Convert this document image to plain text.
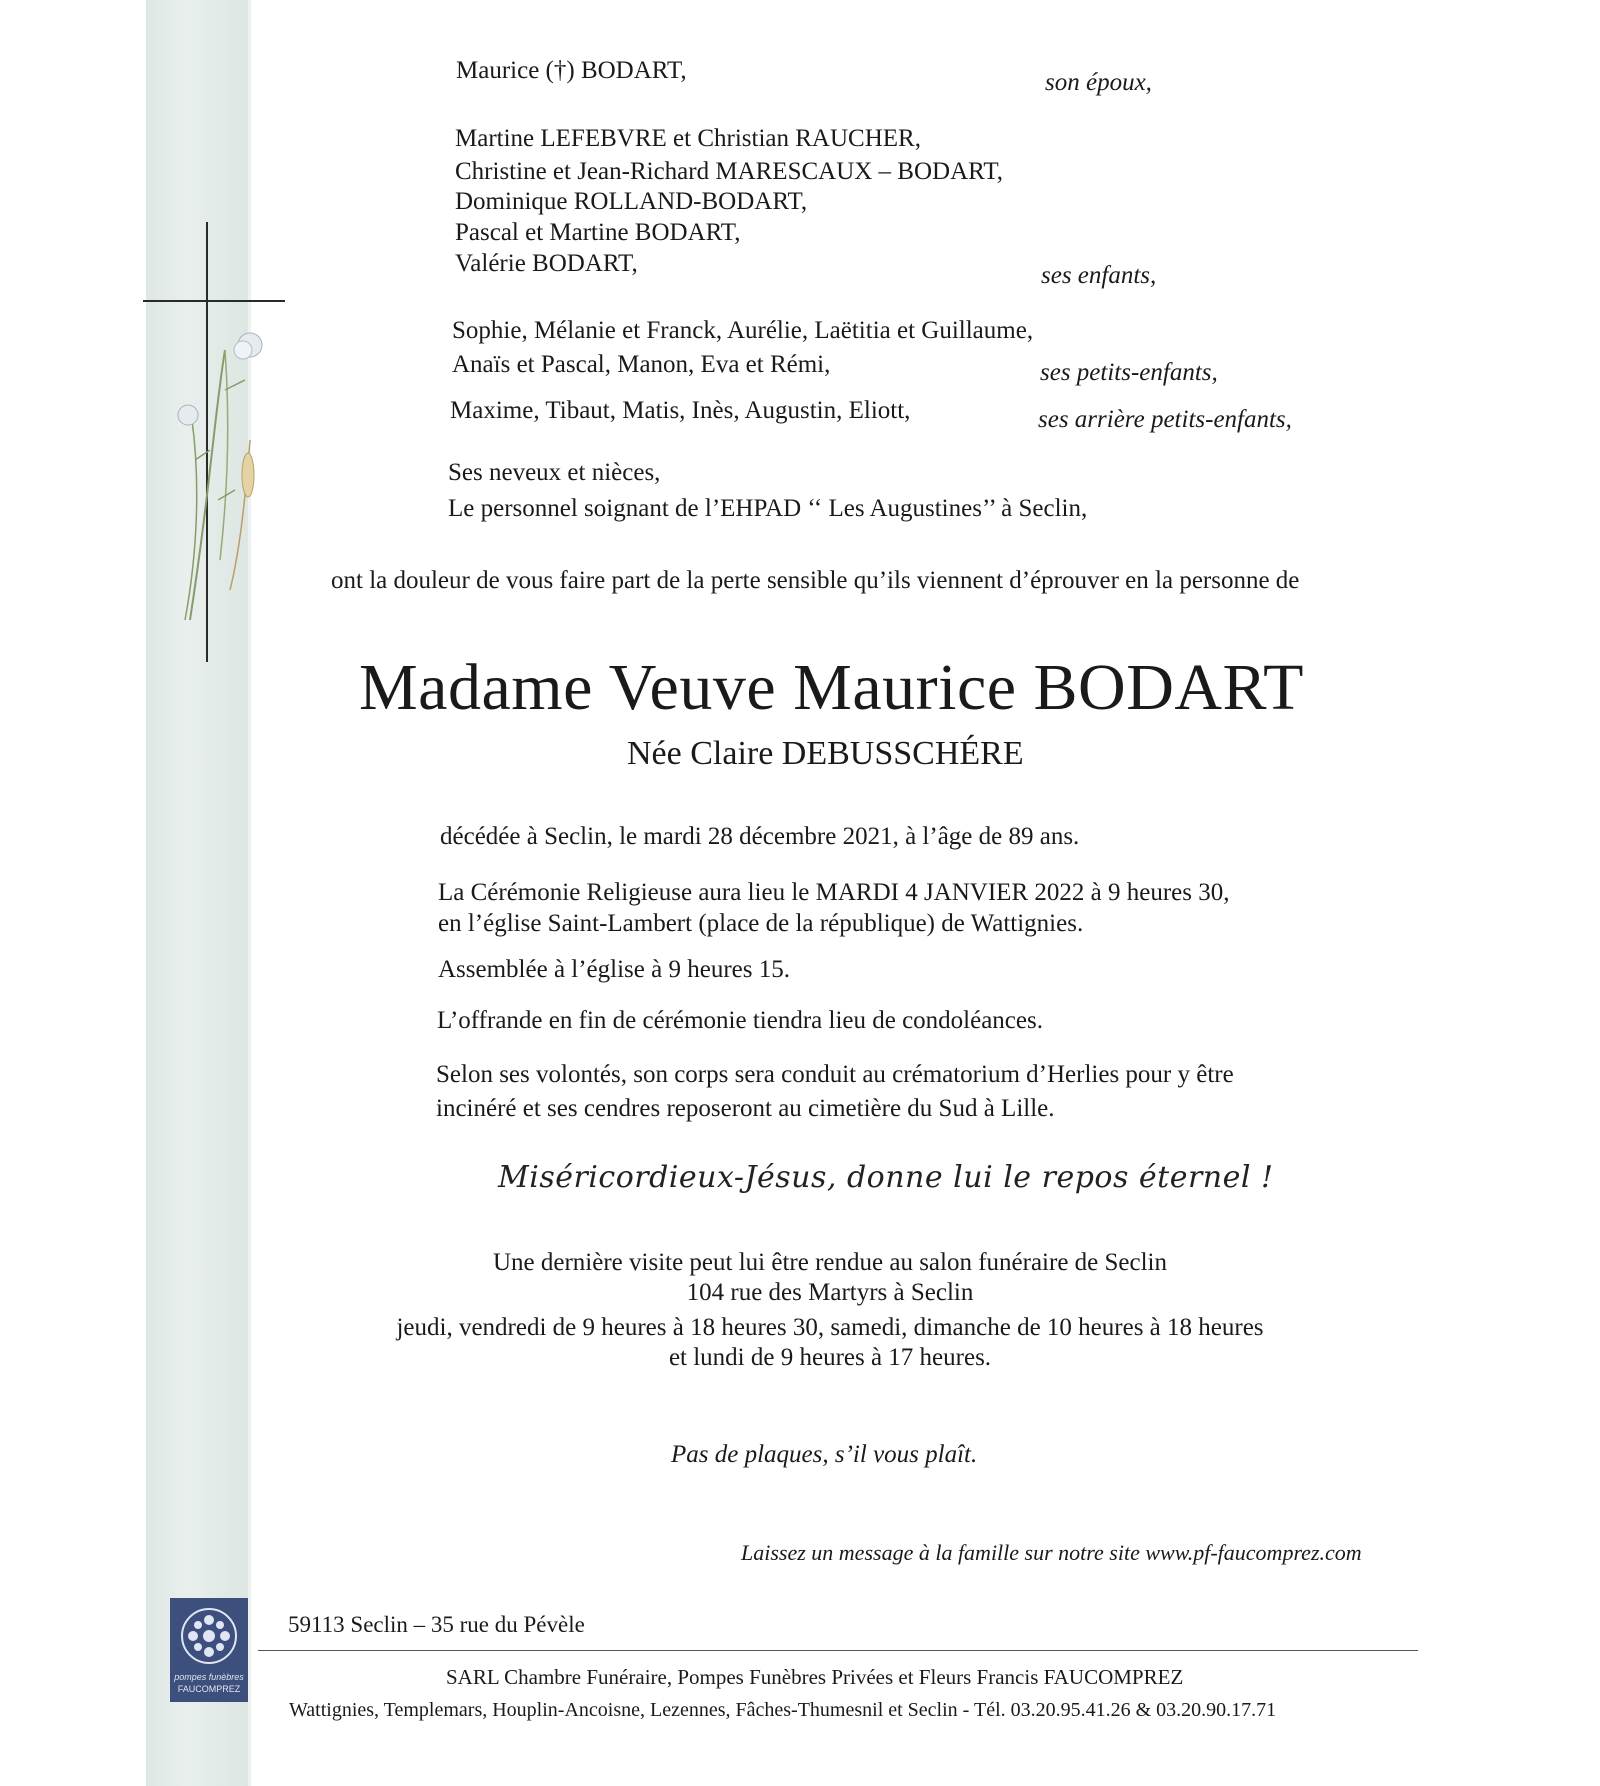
Maurice (†) BODART,	son époux,
Martine LEFEBVRE et Christian RAUCHER,
Christine et Jean-Richard MARESCAUX – BODART,
Dominique ROLLAND-BODART,
Pascal et Martine BODART,
Valérie BODART,	ses enfants,
Sophie, Mélanie et Franck, Aurélie, Laëtitia et Guillaume,
Anaïs et Pascal, Manon, Eva et Rémi,	ses petits-enfants,
Maxime, Tibaut, Matis, Inès, Augustin, Eliott,	ses arrière petits-enfants,
Ses neveux et nièces,
Le personnel soignant de l’EHPAD ‘‘ Les Augustines’’ à Seclin,
ont la douleur de vous faire part de la perte sensible qu’ils viennent d’éprouver en la personne de
Madame Veuve Maurice BODART
Née Claire DEBUSSCHÉRE
décédée à Seclin, le mardi 28 décembre 2021, à l’âge de 89 ans.
La Cérémonie Religieuse aura lieu le MARDI 4 JANVIER 2022 à 9 heures 30,
en l’église Saint-Lambert (place de la république) de Wattignies.
Assemblée à l’église à 9 heures 15.
L’offrande en fin de cérémonie tiendra lieu de condoléances.
Selon ses volontés, son corps sera conduit au crématorium d’Herlies pour y être
inciné​ré et ses cendres reposeront au cimetière du Sud à Lille.
Miséricordieux-Jésus, donne lui le repos éternel !
Une dernière visite peut lui être rendue au salon funéraire de Seclin
104 rue des Martyrs à Seclin
jeudi, vendredi de 9 heures à 18 heures 30, samedi, dimanche de 10 heures à 18 heures
et lundi de 9 heures à 17 heures.
Pas de plaques, s’il vous plaît.
Laissez un message à la famille sur notre site www.pf-faucomprez.com
pompes funèbres
FAUCOMPREZ
59113 Seclin – 35 rue du Pévèle
SARL Chambre Funéraire, Pompes Funèbres Privées et Fleurs Francis FAUCOMPREZ
Wattignies, Templemars, Houplin-Ancoisne, Lezennes, Fâches-Thumesnil et Seclin - Tél. 03.20.95.41.26 & 03.20.90.17.71
